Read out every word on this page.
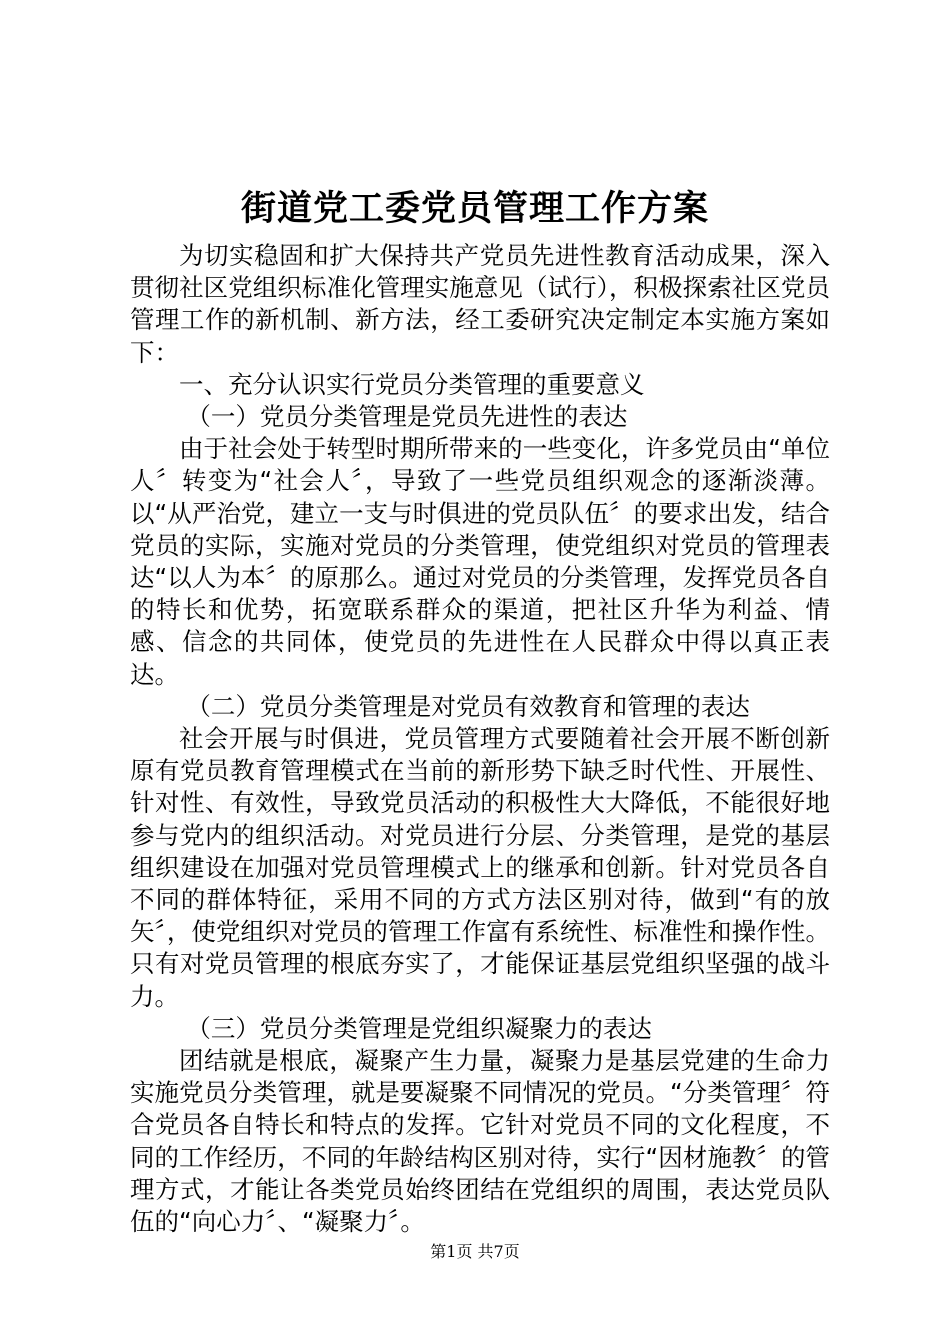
街道党工委党员管理工作方案

为切实稳固和扩大保持共产党员先进性教育活动成果，深入贯彻社区党组织标准化管理实施意见（试行），积极探索社区党员管理工作的新机制、新方法，经工委研究决定制定本实施方案如下：

一、充分认识实行党员分类管理的重要意义

（一）党员分类管理是党员先进性的表达

由于社会处于转型时期所带来的一些变化，许多党员由“单位人〞转变为“社会人〞，导致了一些党员组织观念的逐渐淡薄。以“从严治党，建立一支与时俱进的党员队伍〞的要求出发，结合党员的实际，实施对党员的分类管理，使党组织对党员的管理表达“以人为本〞的原那么。通过对党员的分类管理，发挥党员各自的特长和优势，拓宽联系群众的渠道，把社区升华为利益、情感、信念的共同体，使党员的先进性在人民群众中得以真正表达。

（二）党员分类管理是对党员有效教育和管理的表达

社会开展与时俱进，党员管理方式要随着社会开展不断创新原有党员教育管理模式在当前的新形势下缺乏时代性、开展性、针对性、有效性，导致党员活动的积极性大大降低，不能很好地参与党内的组织活动。对党员进行分层、分类管理，是党的基层组织建设在加强对党员管理模式上的继承和创新。针对党员各自不同的群体特征，采用不同的方式方法区别对待，做到“有的放矢〞，使党组织对党员的管理工作富有系统性、标准性和操作性。只有对党员管理的根底夯实了，才能保证基层党组织坚强的战斗力。

（三）党员分类管理是党组织凝聚力的表达

团结就是根底，凝聚产生力量，凝聚力是基层党建的生命力实施党员分类管理，就是要凝聚不同情况的党员。“分类管理〞符合党员各自特长和特点的发挥。它针对党员不同的文化程度，不同的工作经历，不同的年龄结构区别对待，实行“因材施教〞的管理方式，才能让各类党员始终团结在党组织的周围，表达党员队伍的“向心力〞、“凝聚力〞。

第1页 共7页
